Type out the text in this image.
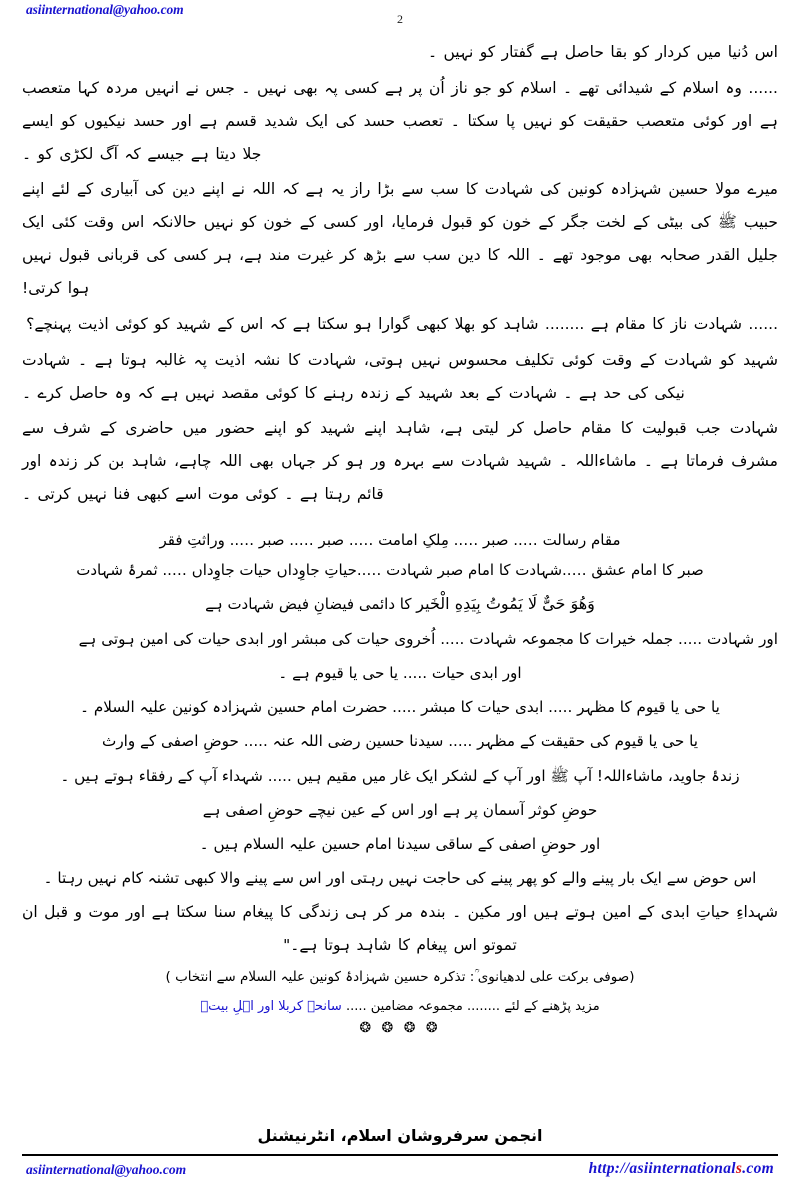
asiinternational@yahoo.com
2

اس دُنیا میں کردار کو بقا حاصل ہے گفتار کو نہیں ۔

...... وہ اسلام کے شیدائی تھے ۔ اسلام کو جو ناز اُن پر ہے کسی پہ بھی نہیں ۔ جس نے انہیں مردہ کہا متعصب ہے اور کوئی متعصب حقیقت کو نہیں پا سکتا ۔ تعصب حسد کی ایک شدید قسم ہے اور حسد نیکیوں کو ایسے جلا دیتا ہے جیسے کہ آگ لکڑی کو ۔

میرے مولا حسین شہزادہ کونین کی شہادت کا سب سے بڑا راز یہ ہے کہ اللہ نے اپنے دین کی آبیاری کے لئے اپنے حبیب ﷺ کی بیٹی کے لخت جگر کے خون کو قبول فرمایا، اور کسی کے خون کو نہیں حالانکہ اس وقت کئی ایک جلیل القدر صحابہ بھی موجود تھے ۔ اللہ کا دین سب سے بڑھ کر غیرت مند ہے، ہر کسی کی قربانی قبول نہیں ہوا کرتی!

...... شہادت ناز کا مقام ہے ........ شاہد کو بھلا کبھی گوارا ہو سکتا ہے کہ اس کے شہید کو کوئی اذیت پہنچے؟

شہید کو شہادت کے وقت کوئی تکلیف محسوس نہیں ہوتی، شہادت کا نشہ اذیت پہ غالبہ ہوتا ہے ۔ شہادت نیکی کی حد ہے ۔ شہادت کے بعد شہید کے زندہ رہنے کا کوئی مقصد نہیں ہے کہ وہ حاصل کرے ۔

شہادت جب قبولیت کا مقام حاصل کر لیتی ہے، شاہد اپنے شہید کو اپنے حضور میں حاضری کے شرف سے مشرف فرماتا ہے ۔ ماشاءاللہ ۔ شہید شہادت سے بہرہ ور ہو کر جہاں بھی اللہ چاہے، شاہد بن کر زندہ اور قائم رہتا ہے ۔ کوئی موت اسے کبھی فنا نہیں کرتی ۔

مقام رسالت ….. صبر ….. مِلکِ امامت ….. صبر ….. صبر ….. وراثتِ فقر
صبر کا امام عشق …..شہادت کا امام صبر شہادت …..حیاتِ جاوِداں حیات جاوِداں ….. ثمرۂ شہادت
وَھُوَ حَیٌّ لَا یَمُوتُ بِیَدِهِ الْخَیر کا دائمی فیضانِ فیض شہادت ہے
اور شہادت ..... جملہ خیرات کا مجموعہ شہادت ..... اُخروی حیات کی مبشر اور ابدی حیات کی امین ہوتی ہے
اور ابدی حیات ..... یا حی یا قیوم ہے ۔
یا حی یا قیوم کا مظہر ..... ابدی حیات کا مبشر ..... حضرت امام حسین شہزادہ کونین علیہ السلام ۔
یا حی یا قیوم کی حقیقت کے مظہر ..... سیدنا حسین رضی اللہ عنہ ..... حوضِ اصفی کے وارث
زندۂ جاوید، ماشاءاللہ! آپ ﷺ اور آپ کے لشکر ایک غار میں مقیم ہیں ..... شہداء آپ کے رفقاء ہوتے ہیں ۔
حوضِ کوثر آسمان پر ہے اور اس کے عین نیچے حوضِ اصفی ہے
اور حوضِ اصفی کے ساقی سیدنا امام حسین علیہ السلام ہیں ۔
اس حوض سے ایک بار پینے والے کو پھر پینے کی حاجت نہیں رہتی اور اس سے پینے والا کبھی تشنہ کام نہیں رہتا ۔

شہداءِ حیاتِ ابدی کے امین ہوتے ہیں اور مکین ۔ بندہ مر کر ہی زندگی کا پیغام سنا سکتا ہے اور موت و قبل ان تموتو اس پیغام کا شاہد ہوتا ہے۔"

(صوفی برکت علی لدھیانوی ؒ: تذکرہ حسین شہزادۂ کونین علیہ السلام سے انتخاب )
مزید پڑھنے کے لئے ........ مجموعہ مضامین ..... سانحہ کربلا اور اہلِ بیتؓ
❂ ❂ ❂ ❂
انجمن سرفروشان اسلام، انٹرنیشنل
asiinternational@yahoo.com	http://asiinternationals.com
